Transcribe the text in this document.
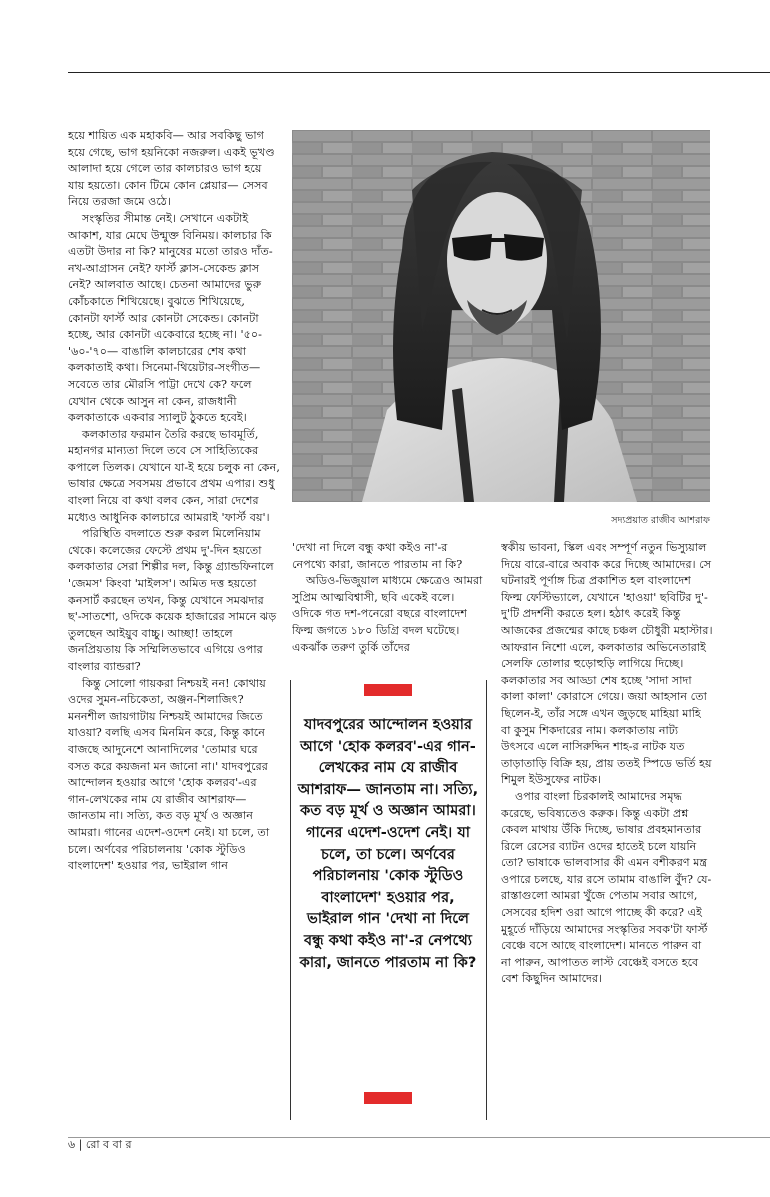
হয়ে শায়িত এক মহাকবি— আর সবকিছু ভাগ হয়ে গেছে, ভাগ হয়নিকো নজরুল। একই ভূখণ্ড আলাদা হয়ে গেলে তার কালচারও ভাগ হয়ে যায় হয়তো। কোন টিমে কোন প্লেয়ার— সেসব নিয়ে তরজা জমে ওঠে।

সংস্কৃতির সীমান্ত নেই। সেখানে একটাই আকাশ, যার মেঘে উন্মুক্ত বিনিময়। কালচার কি এতটা উদার না কি? মানুষের মতো তারও দাঁত-নখ-আগ্রাসন নেই? ফার্স্ট ক্লাস-সেকেন্ড ক্লাস নেই? আলবাত আছে। চেতনা আমাদের ভুরু কোঁচকাতে শিখিয়েছে। বুঝতে শিখিয়েছে, কোনটা ফার্স্ট আর কোনটা সেকেন্ড। কোনটা হচ্ছে, আর কোনটা একেবারে হচ্ছে না। '৫০-'৬০-'৭০— বাঙালি কালচারের শেষ কথা কলকাতাই কথা। সিনেমা-থিয়েটার-সংগীত— সবেতে তার মৌরসি পাট্টা দেখে কে? ফলে যেখান থেকে আসুন না কেন, রাজধানী কলকাতাকে একবার স্যালুট ঠুকতে হবেই।

কলকাতার ফরমান তৈরি করছে ভাবমূর্তি, মহানগর মান্যতা দিলে তবে সে সাহিত্যিকের কপালে তিলক। যেখানে যা-ই হয়ে চলুক না কেন, ভাষার ক্ষেত্রে সবসময় প্রভাবে প্রথম এপার। শুধু বাংলা নিয়ে বা কথা বলব কেন, সারা দেশের মধ্যেও আধুনিক কালচারে আমরাই 'ফার্স্ট বয়'।

পরিস্থিতি বদলাতে শুরু করল মিলেনিয়াম থেকে। কলেজের ফেস্টে প্রথম দু'-দিন হয়তো কলকাতার সেরা শিল্পীর দল, কিন্তু গ্র্যান্ডফিনালে 'জেমস' কিংবা 'মাইলস'। অমিত দত্ত হয়তো কনসার্ট করছেন তখন, কিন্তু যেখানে সমঝদার ছ'-সাতশো, ওদিকে কয়েক হাজারের সামনে ঝড় তুলছেন আইয়ুব বাচ্চু। আচ্ছা! তাহলে জনপ্রিয়তায় কি সম্মিলিতভাবে এগিয়ে ওপার বাংলার ব্যান্ডরা?

কিন্তু সোলো গায়করা নিশ্চয়ই নন! কোথায় ওদের সুমন-নচিকেতা, অঞ্জন-শিলাজিৎ? মননশীল জায়গাটায় নিশ্চয়ই আমাদের জিতে যাওয়া? বলছি এসব মিনমিন করে, কিন্তু কানে বাজছে আদুনেশে আনাদিলের 'তোমার ঘরে বসত করে কয়জনা মন জানো না।' যাদবপুরের আন্দোলন হওয়ার আগে 'হোক কলরব'-এর গান-লেখকের নাম যে রাজীব আশরাফ— জানতাম না। সত্যি, কত বড় মূর্খ ও অজ্ঞান আমরা। গানের এদেশ-ওদেশ নেই। যা চলে, তা চলে। অর্ণবের পরিচালনায় 'কোক স্টুডিও বাংলাদেশ' হওয়ার পর, ভাইরাল গান

সদ্যপ্রয়াত রাজীব আশরাফ

'দেখা না দিলে বন্ধু কথা কইও না'-র নেপথ্যে কারা, জানতে পারতাম না কি?

অডিও-ভিজুয়াল মাধ্যমে ক্ষেত্রেও আমরা সুপ্রিম আত্মবিশ্বাসী, ছবি একেই বলে। ওদিকে গত দশ-পনেরো বছরে বাংলাদেশ ফিল্ম জগতে ১৮০ ডিগ্রি বদল ঘটেছে। একঝাঁক তরুণ তুর্কি তাঁদের

যাদবপুরের আন্দোলন হওয়ার আগে 'হোক কলরব'-এর গান-লেখকের নাম যে রাজীব আশরাফ— জানতাম না। সত্যি, কত বড় মূর্খ ও অজ্ঞান আমরা। গানের এদেশ-ওদেশ নেই। যা চলে, তা চলে। অর্ণবের পরিচালনায় 'কোক স্টুডিও বাংলাদেশ' হওয়ার পর, ভাইরাল গান 'দেখা না দিলে বন্ধু কথা কইও না'-র নেপথ্যে কারা, জানতে পারতাম না কি?

স্বকীয় ভাবনা, স্কিল এবং সম্পূর্ণ নতুন ভিস্যুয়াল দিয়ে বারে-বারে অবাক করে দিচ্ছে আমাদের। সে ঘটনারই পূর্ণাঙ্গ চিত্র প্রকাশিত হল বাংলাদেশ ফিল্ম ফেস্টিভ্যালে, যেখানে 'হাওয়া' ছবিটির দু'-দু'টি প্রদর্শনী করতে হল। হঠাৎ করেই কিন্তু আজকের প্রজন্মের কাছে চঞ্চল চৌধুরী মহাস্টার। আফরান নিশো এলে, কলকাতার অভিনেতারাই সেলফি তোলার হুড়োহুড়ি লাগিয়ে দিচ্ছে। কলকাতার সব আড্ডা শেষ হচ্ছে 'সাদা সাদা কালা কালা' কোরাসে গেয়ে। জয়া আহসান তো ছিলেন-ই, তাঁর সঙ্গে এখন জুড়ছে মাহিয়া মাহি বা কুসুম শিকদারের নাম। কলকাতায় নাট্য উৎসবে এলে নাসিরুদ্দিন শাহ-র নাটক যত তাড়াতাড়ি বিক্রি হয়, প্রায় ততই স্পিডে ভর্তি হয় শিমুল ইউসুফের নাটক।

ওপার বাংলা চিরকালই আমাদের সমৃদ্ধ করেছে, ভবিষ্যতেও করুক। কিন্তু একটা প্রশ্ন কেবল মাথায় উঁকি দিচ্ছে, ভাষার প্রবহমানতার রিলে রেসের ব্যাটন ওদের হাতেই চলে যায়নি তো? ভাষাকে ভালবাসার কী এমন বশীকরণ মন্ত্র ওপারে চলছে, যার রসে তামাম বাঙালি বুঁদ? যে-রাস্তাগুলো আমরা খুঁজে পেতাম সবার আগে, সেসবের হদিশ ওরা আগে পাচ্ছে কী করে? এই মুহূর্তে দাঁড়িয়ে আমাদের সংস্কৃতির সবক'টা ফার্স্ট বেঞ্চে বসে আছে বাংলাদেশ। মানতে পারুন বা না পারুন, আপাতত লাস্ট বেঞ্চেই বসতে হবে বেশ কিছুদিন আমাদের।

৬ | রো ব বা র
